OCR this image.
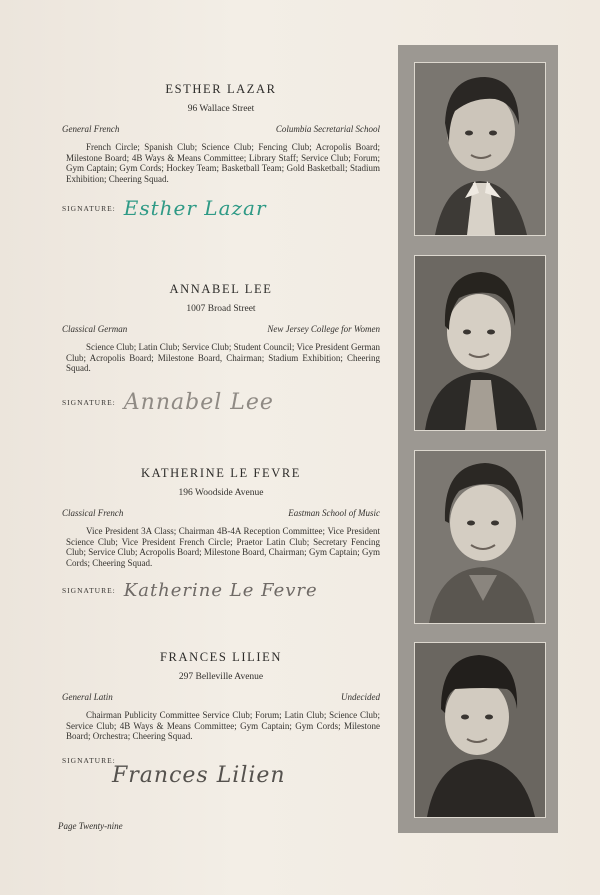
ESTHER LAZAR
96 Wallace Street
General French	Columbia Secretarial School
French Circle; Spanish Club; Science Club; Fencing Club; Acropolis Board; Milestone Board; 4B Ways & Means Committee; Library Staff; Service Club; Forum; Gym Captain; Gym Cords; Hockey Team; Basketball Team; Gold Basketball; Stadium Exhibition; Cheering Squad.
SIGNATURE: Esther Lazar
ANNABEL LEE
1007 Broad Street
Classical German	New Jersey College for Women
Science Club; Latin Club; Service Club; Student Council; Vice President German Club; Acropolis Board; Milestone Board, Chairman; Stadium Exhibition; Cheering Squad.
SIGNATURE: Annabel Lee
KATHERINE LE FEVRE
196 Woodside Avenue
Classical French	Eastman School of Music
Vice President 3A Class; Chairman 4B-4A Reception Committee; Vice President Science Club; Vice President French Circle; Praetor Latin Club; Secretary Fencing Club; Service Club; Acropolis Board; Milestone Board, Chairman; Gym Captain; Gym Cords; Cheering Squad.
SIGNATURE: Katherine Le Fevre
FRANCES LILIEN
297 Belleville Avenue
General Latin	Undecided
Chairman Publicity Committee Service Club; Forum; Latin Club; Science Club; Service Club; 4B Ways & Means Committee; Gym Captain; Gym Cords; Milestone Board; Orchestra; Cheering Squad.
SIGNATURE:
Frances Lilien
Page Twenty-nine
